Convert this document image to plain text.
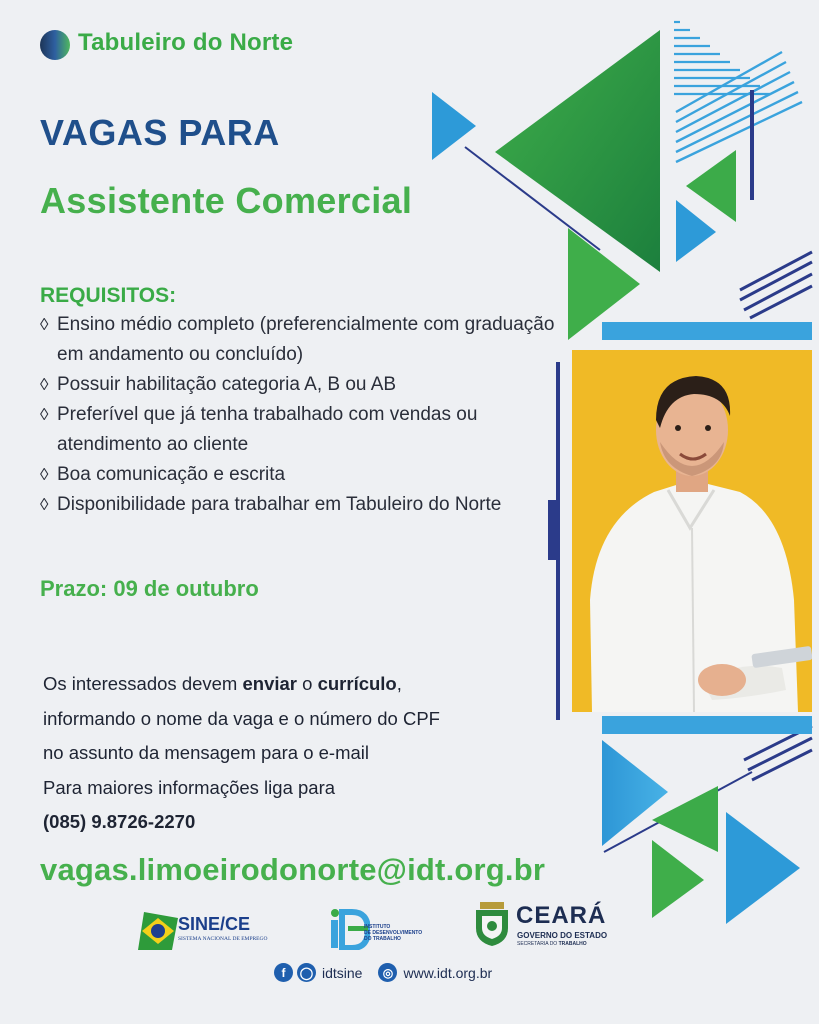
Tabuleiro do Norte
VAGAS PARA
Assistente Comercial
REQUISITOS:
◊ Ensino médio completo (preferencialmente com graduação em andamento ou concluído)
◊ Possuir habilitação categoria A, B ou AB
◊ Preferível que já tenha trabalhado com vendas ou atendimento ao cliente
◊ Boa comunicação e escrita
◊ Disponibilidade para trabalhar em Tabuleiro do Norte
Prazo: 09 de outubro
Os interessados devem enviar o currículo,
informando o nome da vaga e o número do CPF
no assunto da mensagem para o e-mail
Para maiores informações liga para
(085) 9.8726-2270
vagas.limoeirodonorte@idt.org.br
SINE/CE
SISTEMA NACIONAL DE EMPREGO
INSTITUTO
DE DESENVOLVIMENTO
DO TRABALHO
CEARÁ
GOVERNO DO ESTADO
SECRETARIA DO TRABALHO
f	◯ idtsine	◎ www.idt.org.br
